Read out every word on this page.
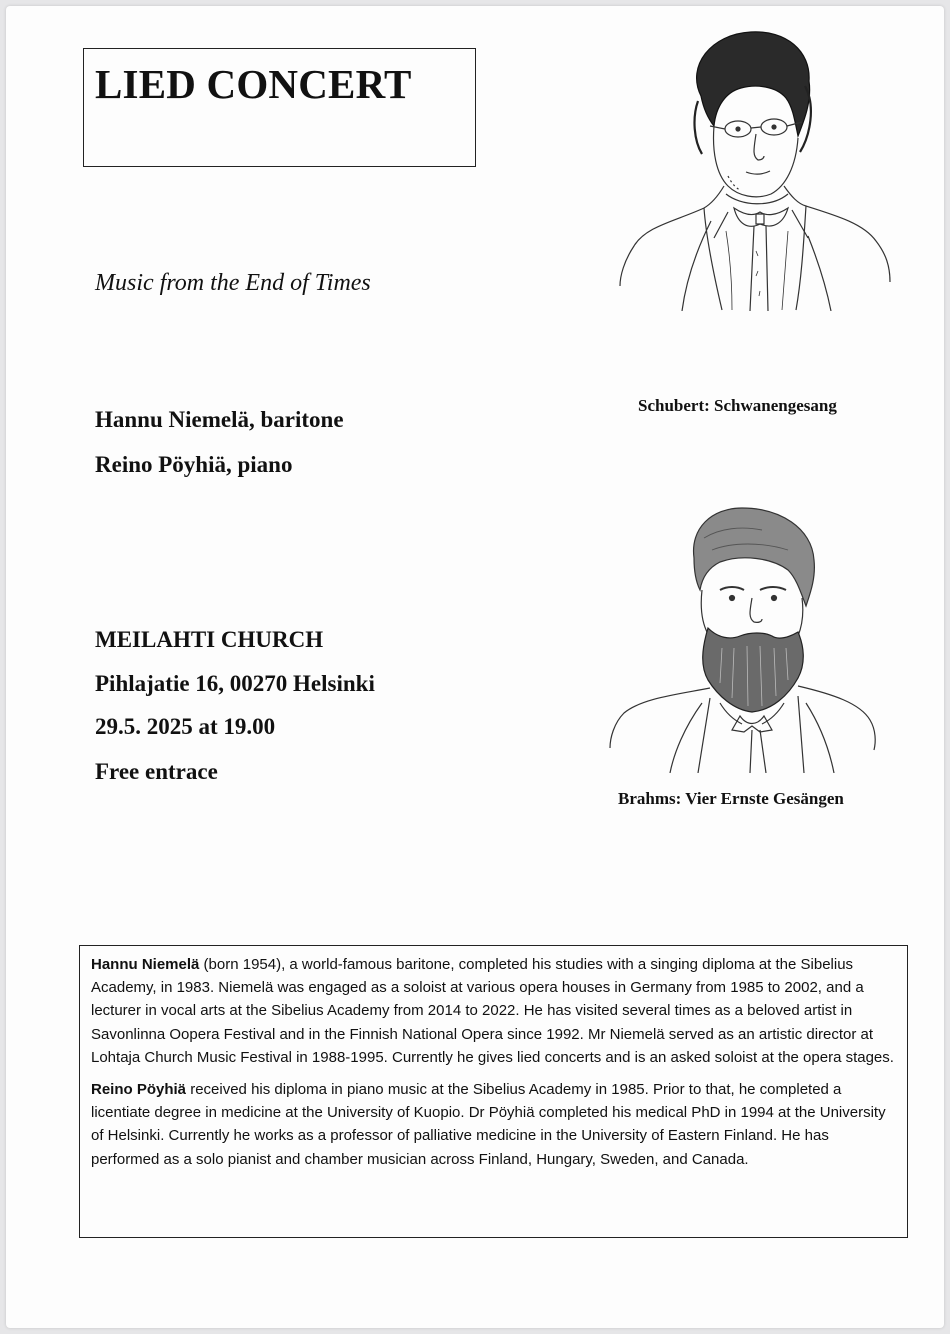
LIED CONCERT
Music from the End of Times
Hannu Niemelä, baritone
Reino Pöyhiä, piano
MEILAHTI CHURCH
Pihlajatie 16, 00270 Helsinki
29.5. 2025 at 19.00
Free entrace
Schubert: Schwanengesang
Brahms: Vier Ernste Gesängen

Hannu Niemelä (born 1954), a world-famous baritone, completed his studies with a singing diploma at the Sibelius Academy, in 1983. Niemelä was engaged as a soloist at various opera houses in Germany from 1985 to 2002, and a lecturer in vocal arts at the Sibelius Academy from 2014 to 2022. He has visited several times as a beloved artist in Savonlinna Oopera Festival and in the Finnish National Opera since 1992. Mr Niemelä served as an artistic director at Lohtaja Church Music Festival in 1988-1995. Currently he gives lied concerts and is an asked soloist at the opera stages.

Reino Pöyhiä received his diploma in piano music at the Sibelius Academy in 1985. Prior to that, he completed a licentiate degree in medicine at the University of Kuopio. Dr Pöyhiä completed his medical PhD in 1994 at the University of Helsinki. Currently he works as a professor of palliative medicine in the University of Eastern Finland. He has performed as a solo pianist and chamber musician across Finland, Hungary, Sweden, and Canada.
